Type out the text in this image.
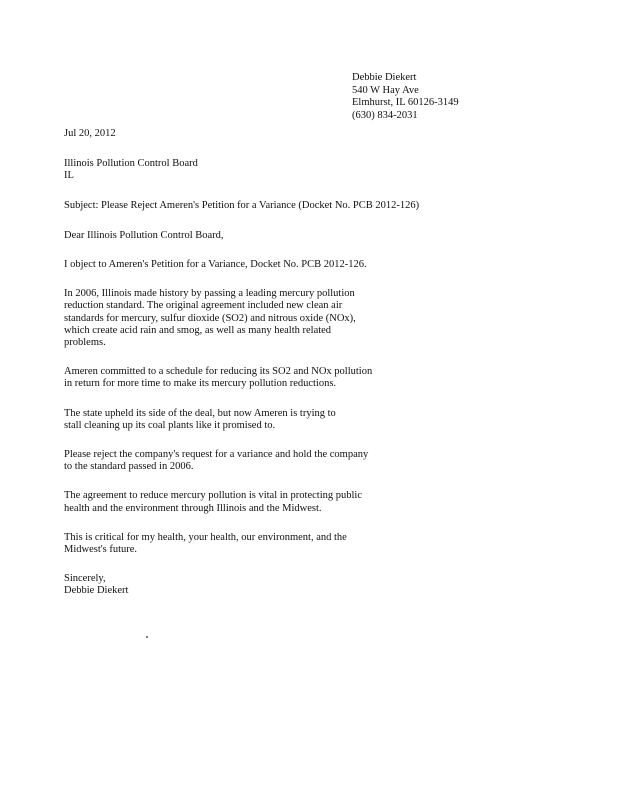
Debbie Diekert
540 W Hay Ave
Elmhurst, IL 60126-3149
(630) 834-2031
Jul 20, 2012
Illinois Pollution Control Board
IL
Subject: Please Reject Ameren's Petition for a Variance (Docket No. PCB 2012-126)
Dear Illinois Pollution Control Board,
I object to Ameren's Petition for a Variance, Docket No. PCB 2012-126.
In 2006, Illinois made history by passing a leading mercury pollution
reduction standard. The original agreement included new clean air
standards for mercury, sulfur dioxide (SO2) and nitrous oxide (NOx),
which create acid rain and smog, as well as many health related
problems.
Ameren committed to a schedule for reducing its SO2 and NOx pollution
in return for more time to make its mercury pollution reductions.
The state upheld its side of the deal, but now Ameren is trying to
stall cleaning up its coal plants like it promised to.
Please reject the company's request for a variance and hold the company
to the standard passed in 2006.
The agreement to reduce mercury pollution is vital in protecting public
health and the environment through Illinois and the Midwest.
This is critical for my health, your health, our environment, and the
Midwest's future.
Sincerely,
Debbie Diekert
